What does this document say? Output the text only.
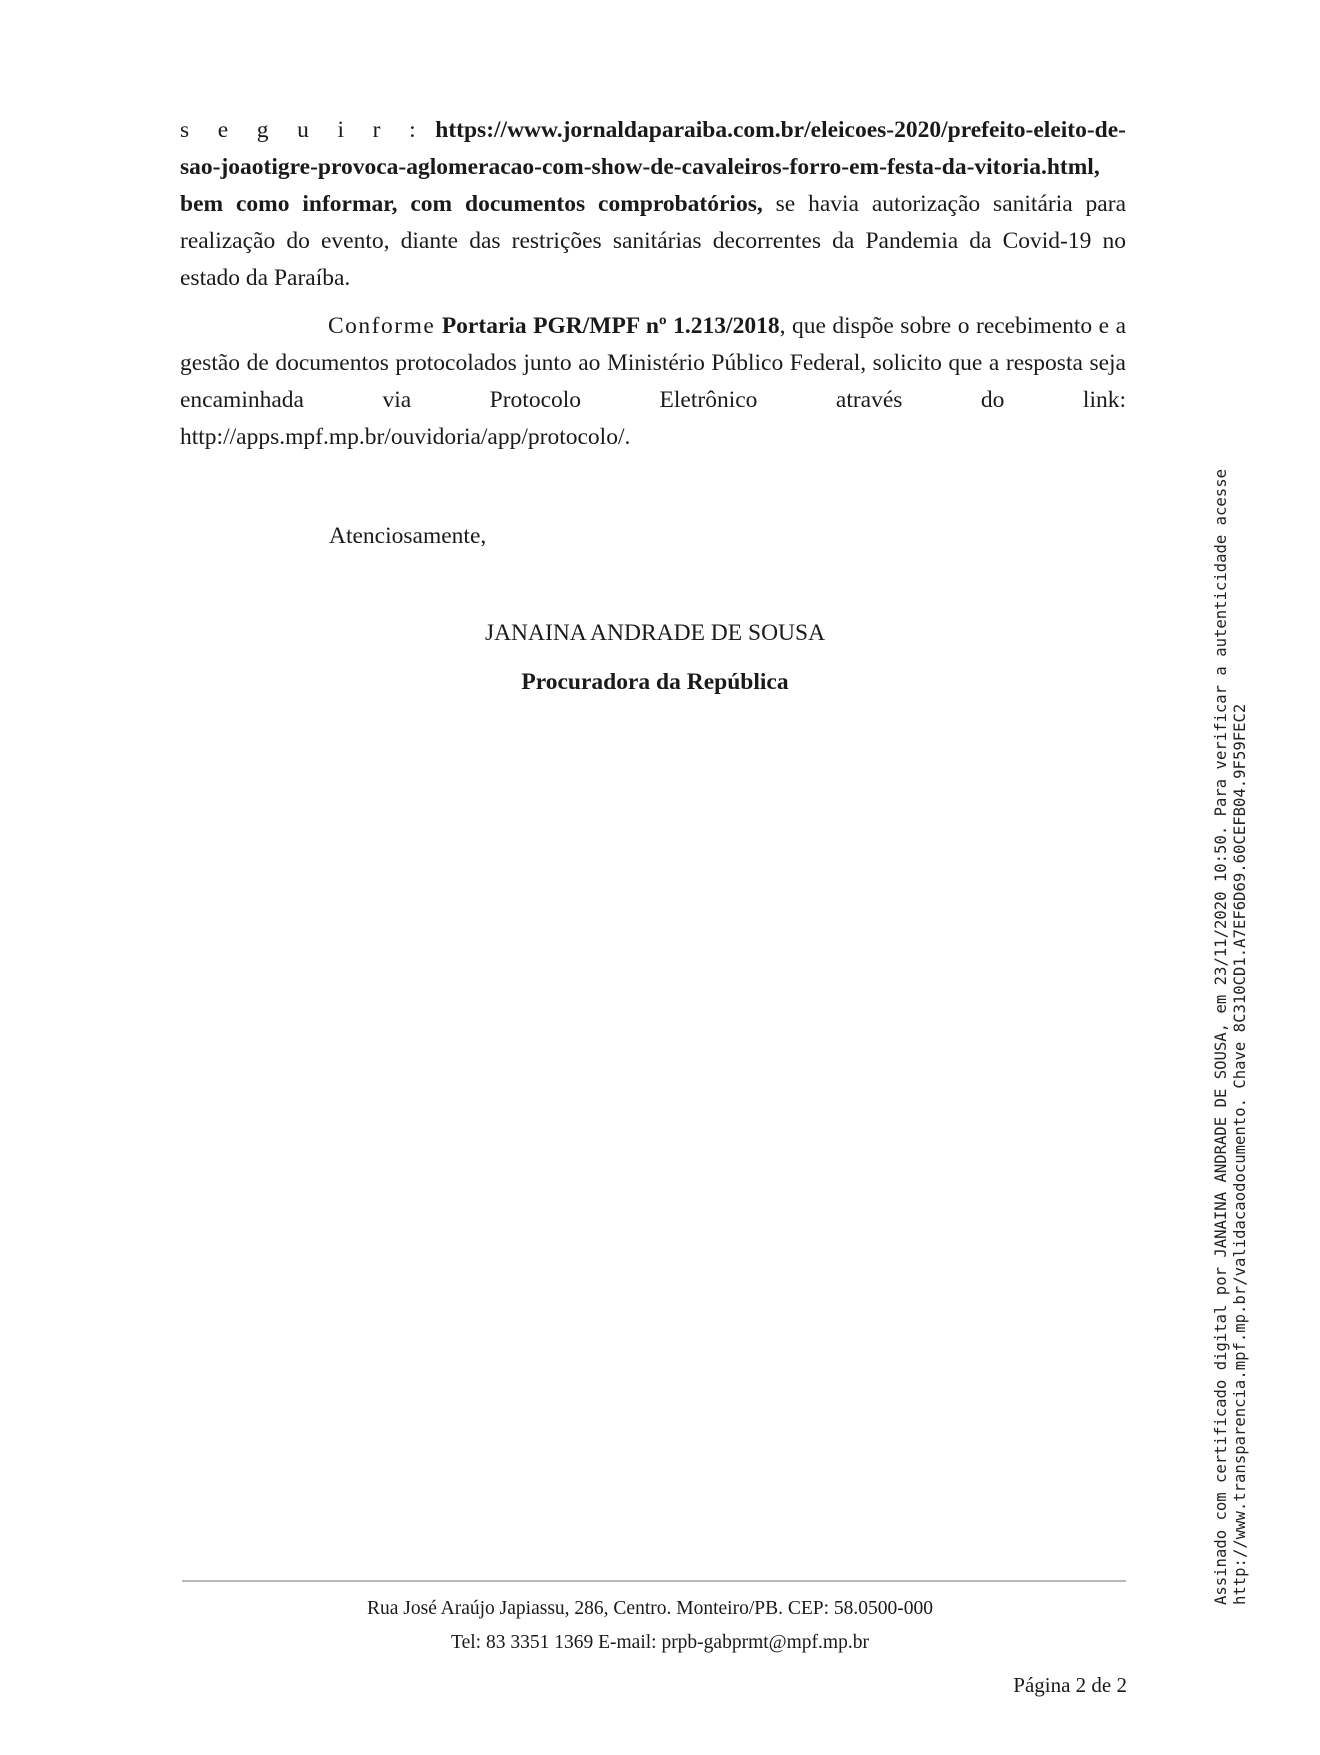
s e g u i r : https://www.jornaldaparaiba.com.br/eleicoes-2020/prefeito-eleito-de-sao-joaotigre-provoca-aglomeracao-com-show-de-cavaleiros-forro-em-festa-da-vitoria.html, bem como informar, com documentos comprobatórios, se havia autorização sanitária para realização do evento, diante das restrições sanitárias decorrentes da Pandemia da Covid-19 no estado da Paraíba.

Conforme Portaria PGR/MPF nº 1.213/2018, que dispõe sobre o recebimento e a gestão de documentos protocolados junto ao Ministério Público Federal, solicito que a resposta seja encaminhada via Protocolo Eletrônico através do link: http://apps.mpf.mp.br/ouvidoria/app/protocolo/.

Atenciosamente,
JANAINA ANDRADE DE SOUSA
Procuradora da República
Rua José Araújo Japiassu, 286, Centro. Monteiro/PB. CEP: 58.0500-000
Tel: 83 3351 1369 E-mail: prpb-gabprmt@mpf.mp.br
Página 2 de 2
Assinado com certificado digital por JANAINA ANDRADE DE SOUSA, em 23/11/2020 10:50. Para verificar a autenticidade acesse http://www.transparencia.mpf.mp.br/validacaodocumento. Chave 8C310CD1.A7EF6D69.60CEFB04.9F59FEC2
